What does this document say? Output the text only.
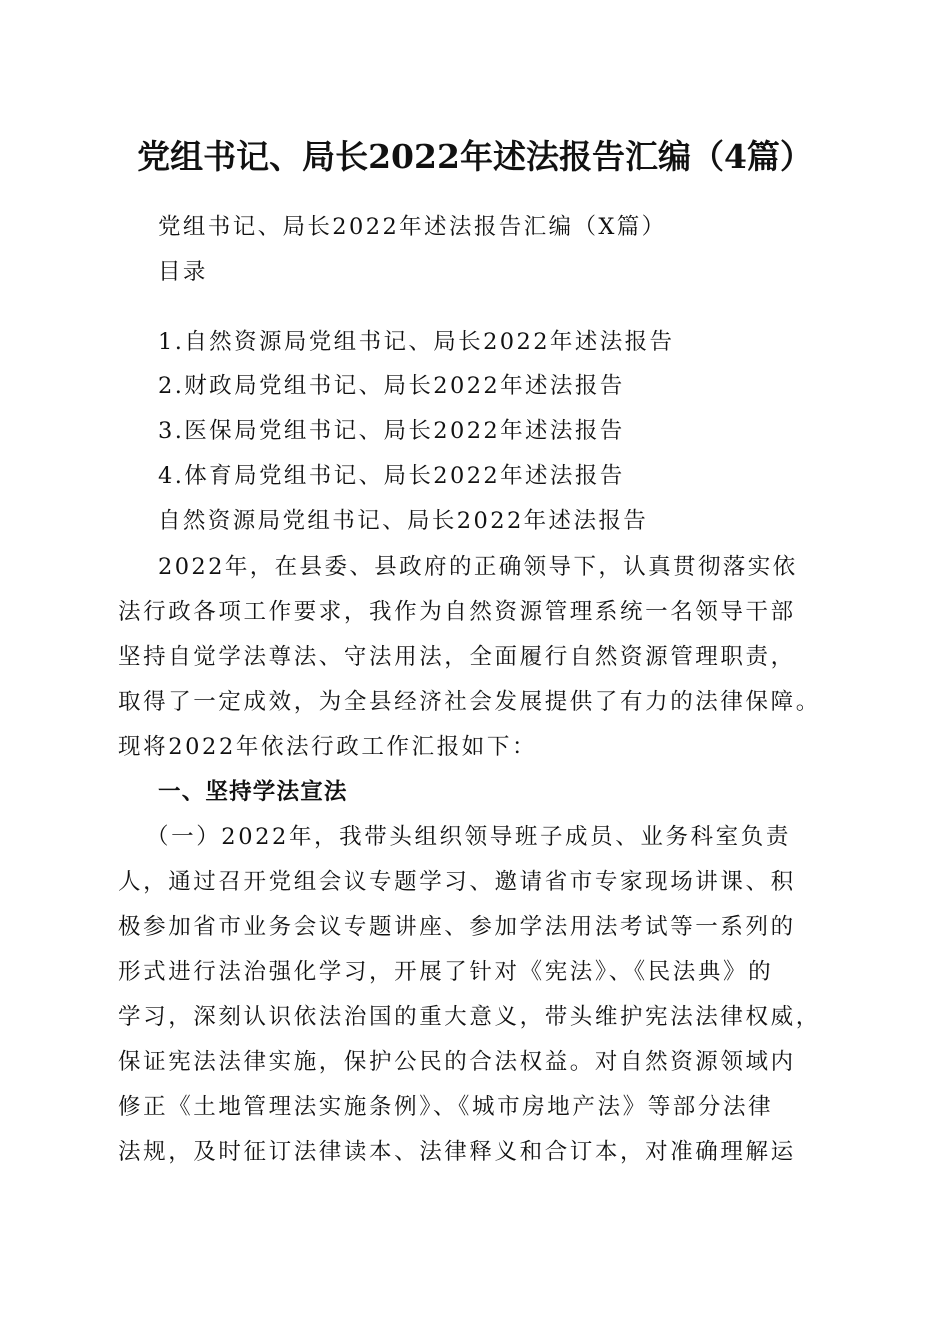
党组书记、局长2022年述法报告汇编（4篇）
党组书记、局长2022年述法报告汇编（X篇）
目录
1.自然资源局党组书记、局长2022年述法报告
2.财政局党组书记、局长2022年述法报告
3.医保局党组书记、局长2022年述法报告
4.体育局党组书记、局长2022年述法报告
自然资源局党组书记、局长2022年述法报告
2022年，在县委、县政府的正确领导下，认真贯彻落实依
法行政各项工作要求，我作为自然资源管理系统一名领导干部
坚持自觉学法尊法、守法用法，全面履行自然资源管理职责，
取得了一定成效，为全县经济社会发展提供了有力的法律保障。
现将2022年依法行政工作汇报如下：
一、坚持学法宣法
（一）2022年，我带头组织领导班子成员、业务科室负责
人，通过召开党组会议专题学习、邀请省市专家现场讲课、积
极参加省市业务会议专题讲座、参加学法用法考试等一系列的
形式进行法治强化学习，开展了针对《宪法》、《民法典》的
学习，深刻认识依法治国的重大意义，带头维护宪法法律权威，
保证宪法法律实施，保护公民的合法权益。对自然资源领域内
修正《土地管理法实施条例》、《城市房地产法》等部分法律
法规，及时征订法律读本、法律释义和合订本，对准确理解运
